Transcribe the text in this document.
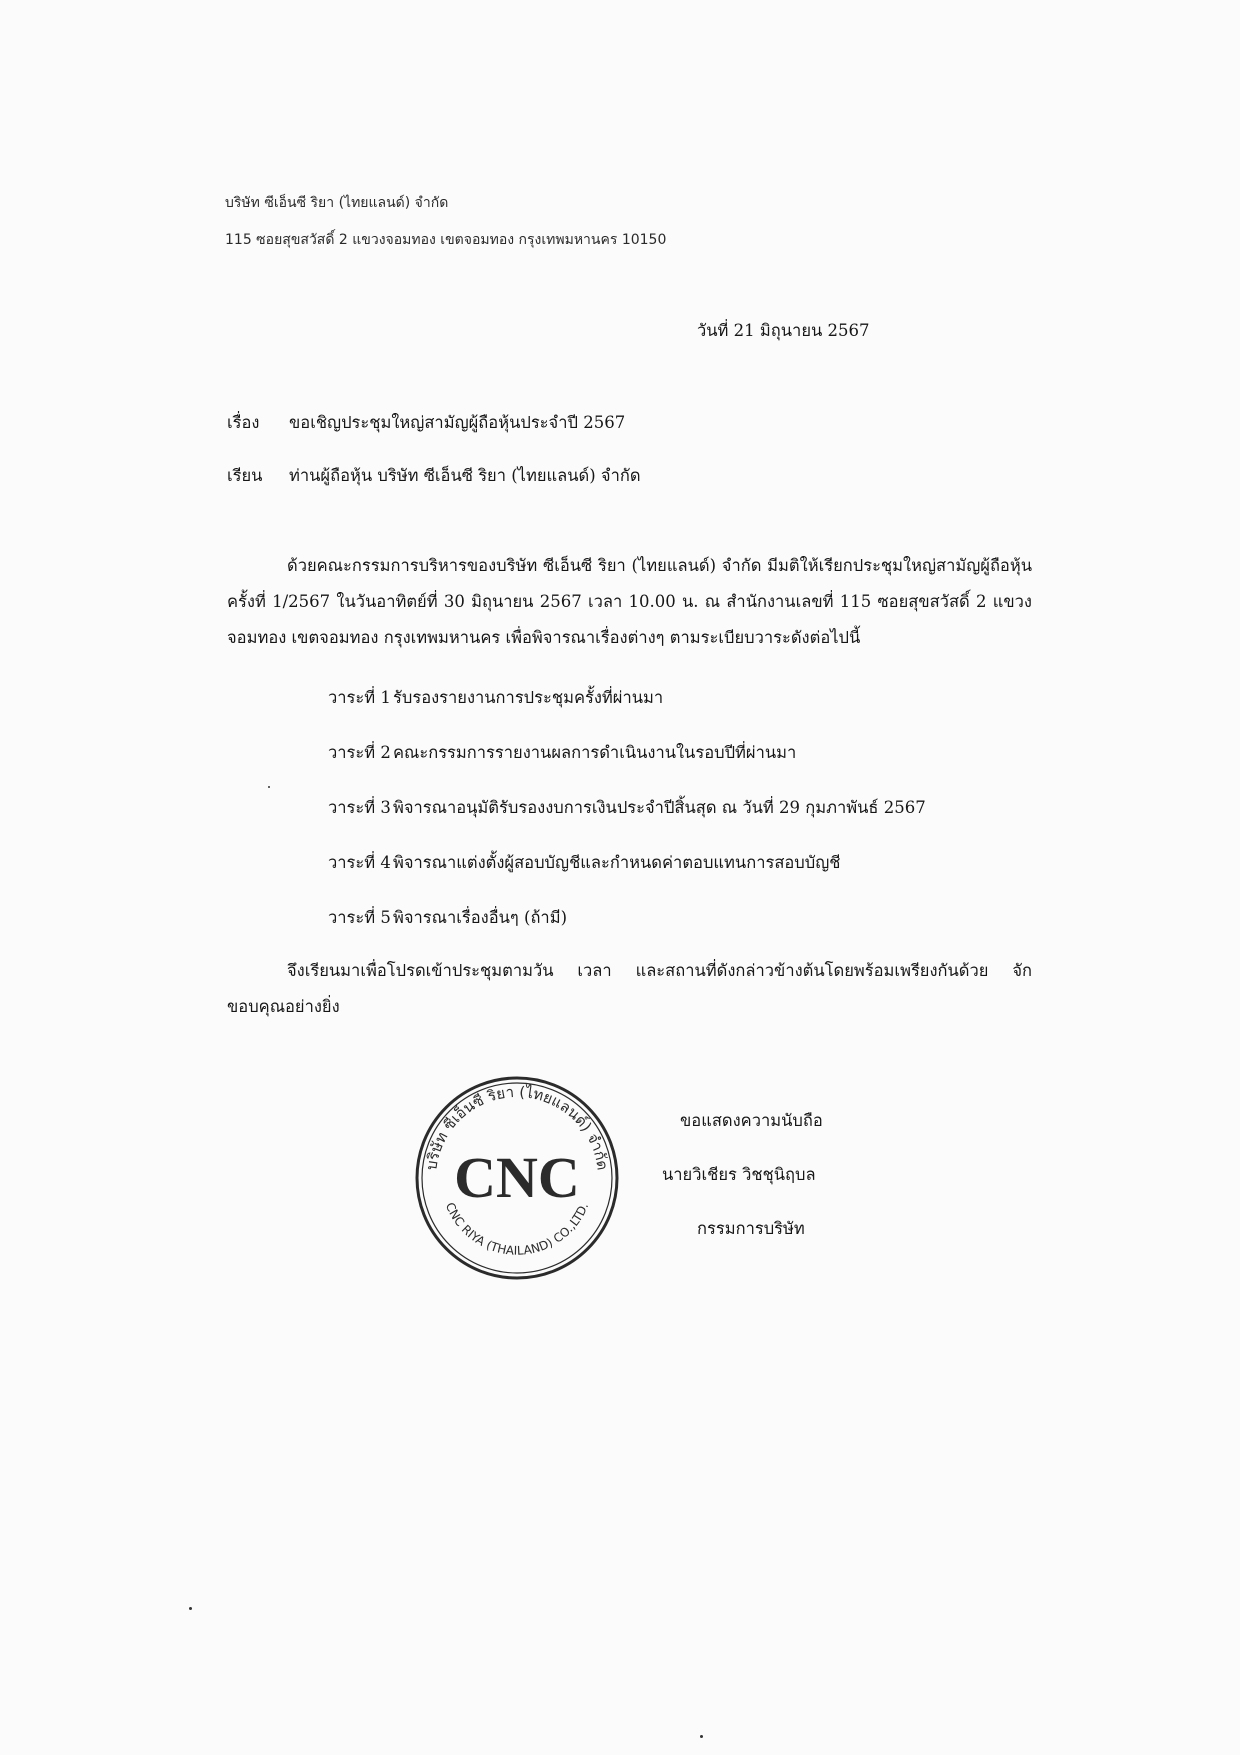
บริษัท ซีเอ็นซี ริยา (ไทยแลนด์) จำกัด
115 ซอยสุขสวัสดิ์ 2 แขวงจอมทอง เขตจอมทอง กรุงเทพมหานคร 10150
วันที่ 21 มิถุนายน 2567
เรื่อง ขอเชิญประชุมใหญ่สามัญผู้ถือหุ้นประจำปี 2567
เรียน ท่านผู้ถือหุ้น บริษัท ซีเอ็นซี ริยา (ไทยแลนด์) จำกัด
ด้วยคณะกรรมการบริหารของบริษัท ซีเอ็นซี ริยา (ไทยแลนด์) จำกัด มีมติให้เรียกประชุมใหญ่สามัญผู้ถือหุ้น ครั้งที่ 1/2567 ในวันอาทิตย์ที่ 30 มิถุนายน 2567 เวลา 10.00 น. ณ สำนักงานเลขที่ 115 ซอยสุขสวัสดิ์ 2 แขวงจอมทอง เขตจอมทอง กรุงเทพมหานคร เพื่อพิจารณาเรื่องต่างๆ ตามระเบียบวาระดังต่อไปนี้
วาระที่ 1 รับรองรายงานการประชุมครั้งที่ผ่านมา
วาระที่ 2 คณะกรรมการรายงานผลการดำเนินงานในรอบปีที่ผ่านมา
วาระที่ 3 พิจารณาอนุมัติรับรองงบการเงินประจำปีสิ้นสุด ณ วันที่ 29 กุมภาพันธ์ 2567
วาระที่ 4 พิจารณาแต่งตั้งผู้สอบบัญชีและกำหนดค่าตอบแทนการสอบบัญชี
วาระที่ 5 พิจารณาเรื่องอื่นๆ (ถ้ามี)
จึงเรียนมาเพื่อโปรดเข้าประชุมตามวัน เวลา และสถานที่ดังกล่าวข้างต้นโดยพร้อมเพรียงกันด้วย จักขอบคุณอย่างยิ่ง
บริษัท ซีเอ็นซี ริยา (ไทยแลนด์) จำกัด
CNC RIYA (THAILAND) CO.,LTD.
CNC
ขอแสดงความนับถือ
นายวิเชียร วิชชุนิฤบล
กรรมการบริษัท
